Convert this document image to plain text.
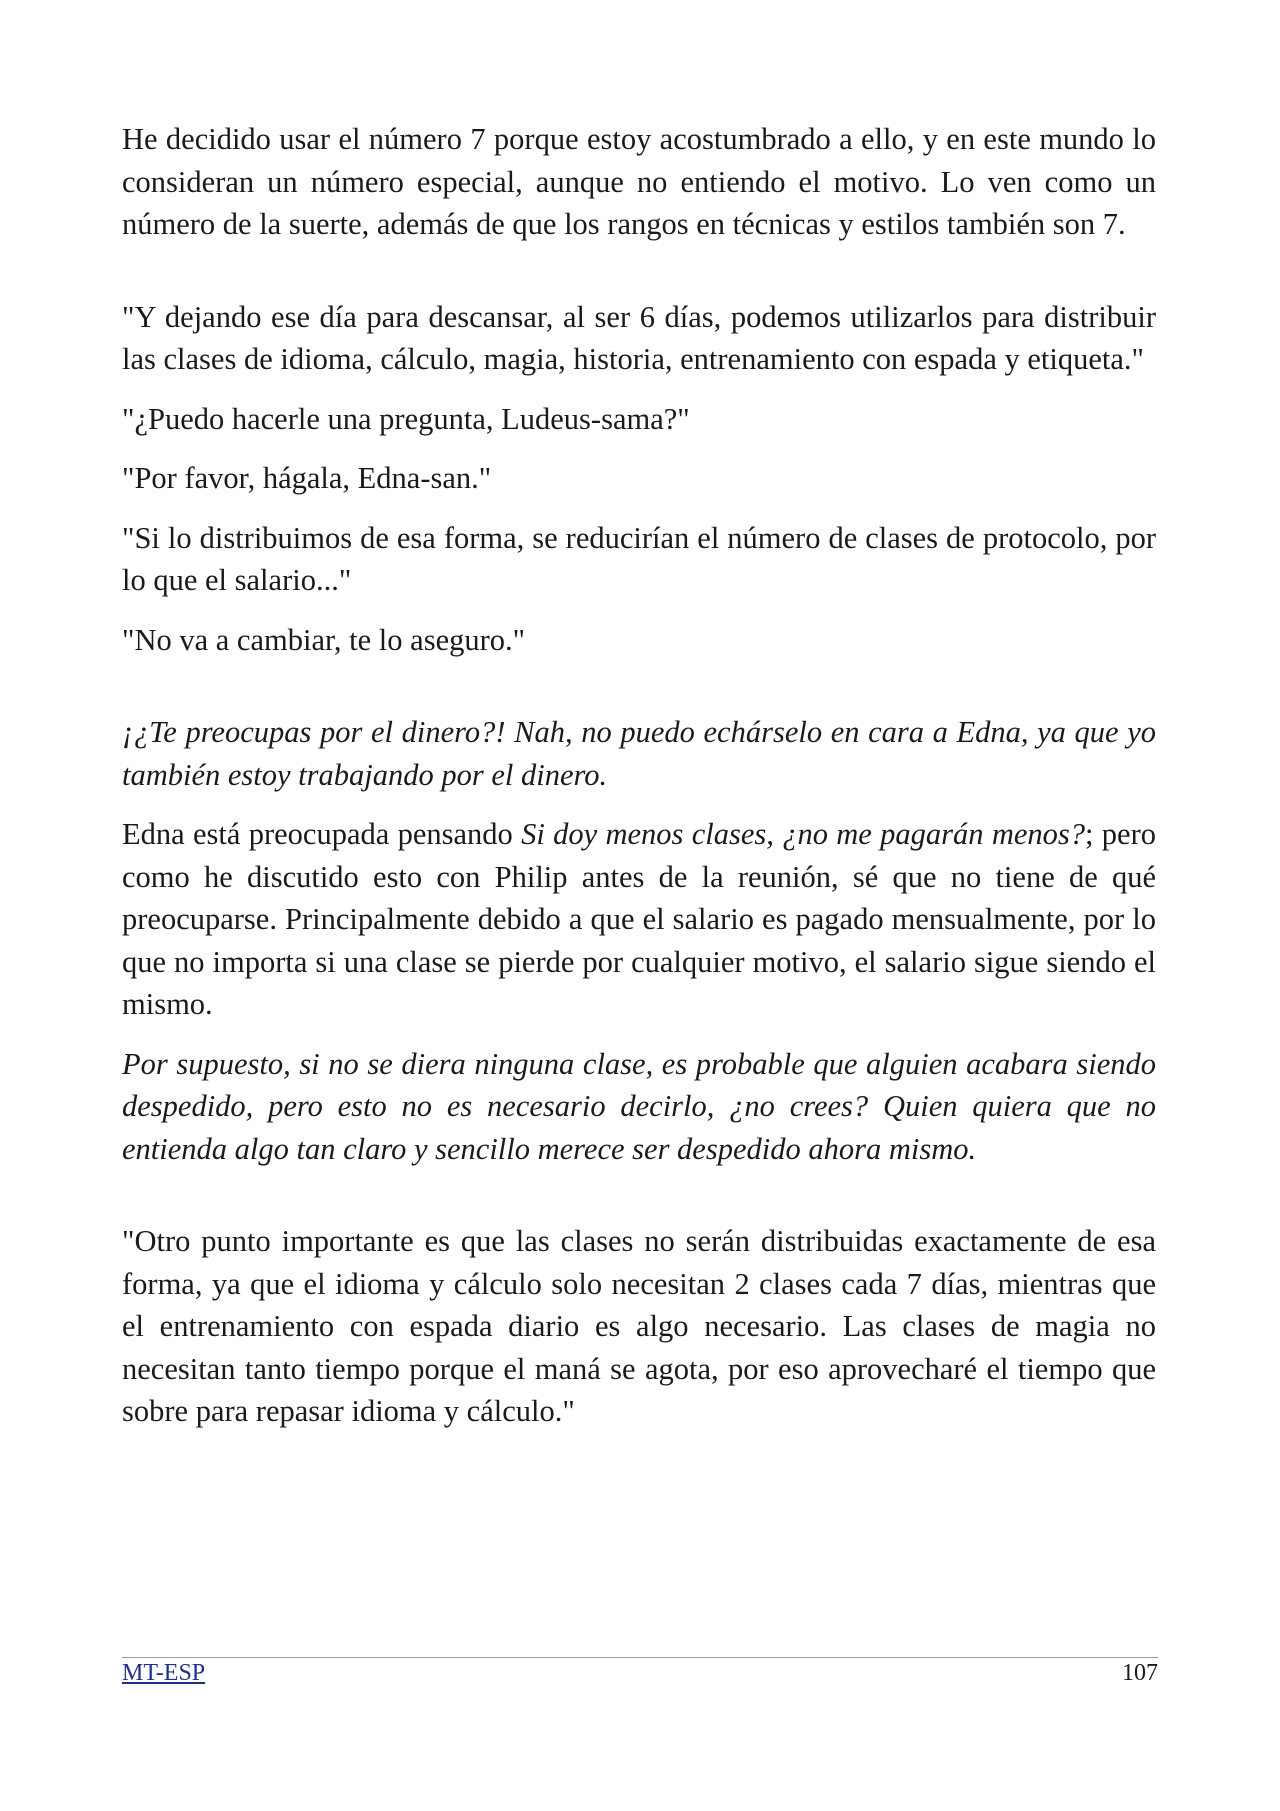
He decidido usar el número 7 porque estoy acostumbrado a ello, y en este mundo lo consideran un número especial, aunque no entiendo el motivo. Lo ven como un número de la suerte, además de que los rangos en técnicas y estilos también son 7.

"Y dejando ese día para descansar, al ser 6 días, podemos utilizarlos para distribuir las clases de idioma, cálculo, magia, historia, entrenamiento con espada y etiqueta."

"¿Puedo hacerle una pregunta, Ludeus-sama?"

"Por favor, hágala, Edna-san."

"Si lo distribuimos de esa forma, se reducirían el número de clases de protocolo, por lo que el salario..."

"No va a cambiar, te lo aseguro."

¡¿Te preocupas por el dinero?! Nah, no puedo echárselo en cara a Edna, ya que yo también estoy trabajando por el dinero.

Edna está preocupada pensando Si doy menos clases, ¿no me pagarán menos?; pero como he discutido esto con Philip antes de la reunión, sé que no tiene de qué preocuparse. Principalmente debido a que el salario es pagado mensualmente, por lo que no importa si una clase se pierde por cualquier motivo, el salario sigue siendo el mismo.

Por supuesto, si no se diera ninguna clase, es probable que alguien acabara siendo despedido, pero esto no es necesario decirlo, ¿no crees? Quien quiera que no entienda algo tan claro y sencillo merece ser despedido ahora mismo.

"Otro punto importante es que las clases no serán distribuidas exactamente de esa forma, ya que el idioma y cálculo solo necesitan 2 clases cada 7 días, mientras que el entrenamiento con espada diario es algo necesario. Las clases de magia no necesitan tanto tiempo porque el maná se agota, por eso aprovecharé el tiempo que sobre para repasar idioma y cálculo."

MT-ESP	107
